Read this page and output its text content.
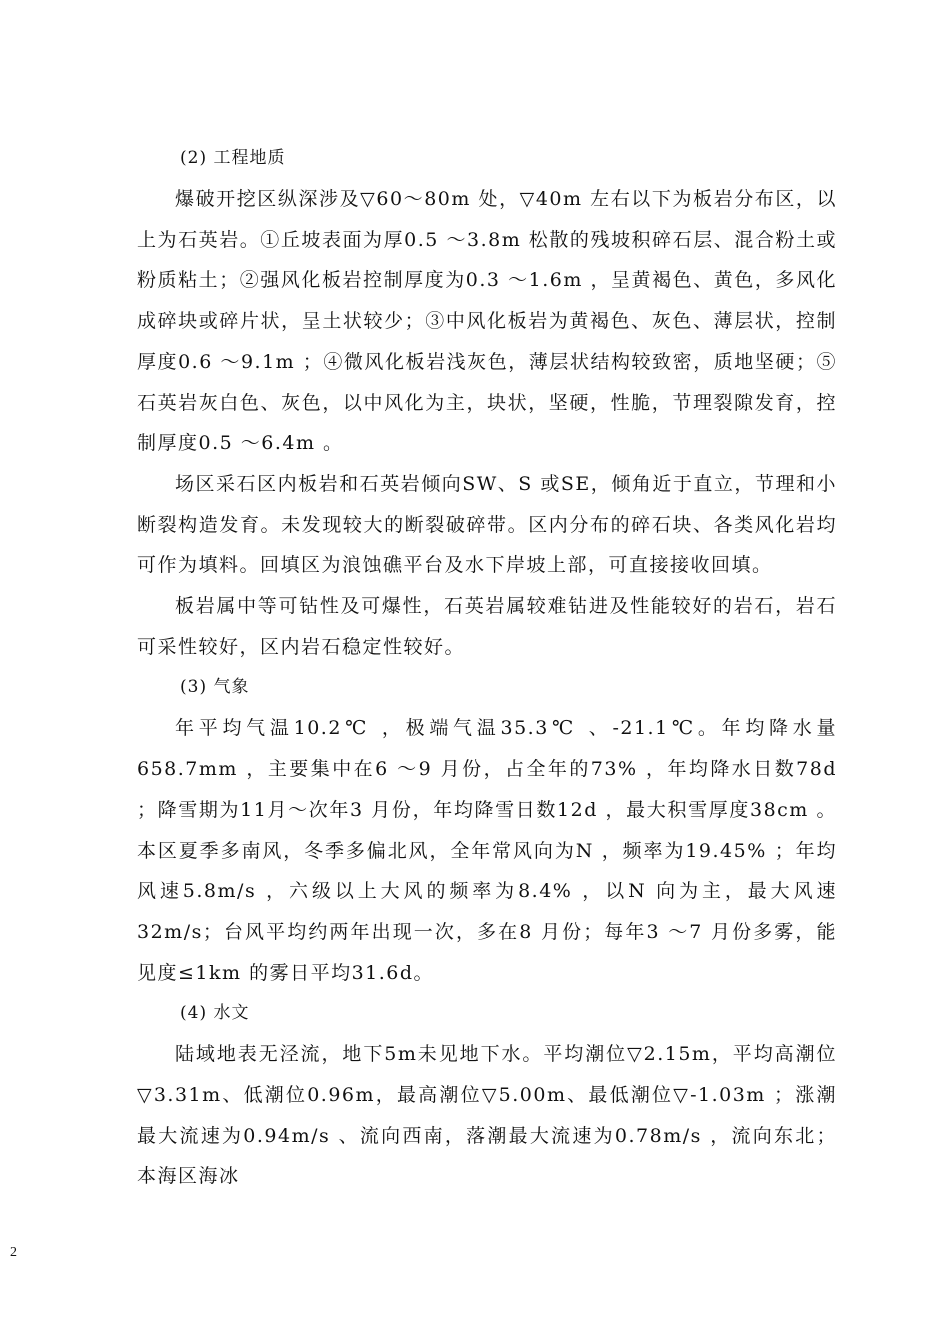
(2) 工程地质

爆破开挖区纵深涉及▽60～80m 处，▽40m 左右以下为板岩分布区，以上为石英岩。①丘坡表面为厚0.5 ～3.8m 松散的残坡积碎石层、混合粉土或粉质粘土；②强风化板岩控制厚度为0.3 ～1.6m ，呈黄褐色、黄色，多风化成碎块或碎片状，呈土状较少；③中风化板岩为黄褐色、灰色、薄层状，控制厚度0.6 ～9.1m ；④微风化板岩浅灰色，薄层状结构较致密，质地坚硬；⑤石英岩灰白色、灰色，以中风化为主，块状，坚硬，性脆，节理裂隙发育，控制厚度0.5 ～6.4m 。

场区采石区内板岩和石英岩倾向SW、S 或SE，倾角近于直立，节理和小断裂构造发育。未发现较大的断裂破碎带。区内分布的碎石块、各类风化岩均可作为填料。回填区为浪蚀礁平台及水下岸坡上部，可直接接收回填。

板岩属中等可钻性及可爆性，石英岩属较难钻进及性能较好的岩石，岩石可采性较好，区内岩石稳定性较好。

(3) 气象

年平均气温10.2℃ ，极端气温35.3℃ 、-21.1℃。年均降水量658.7mm ，主要集中在6 ～9 月份，占全年的73% ，年均降水日数78d ；降雪期为11月～次年3 月份，年均降雪日数12d ，最大积雪厚度38cm 。本区夏季多南风，冬季多偏北风，全年常风向为N ，频率为19.45% ；年均风速5.8m/s ，六级以上大风的频率为8.4% ，以N 向为主，最大风速32m/s；台风平均约两年出现一次，多在8 月份；每年3 ～7 月份多雾，能见度≤1km 的雾日平均31.6d。

(4) 水文

陆域地表无泾流，地下5m未见地下水。平均潮位▽2.15m，平均高潮位▽3.31m、低潮位0.96m，最高潮位▽5.00m、最低潮位▽-1.03m ；涨潮最大流速为0.94m/s 、流向西南，落潮最大流速为0.78m/s ，流向东北；本海区海冰

2
